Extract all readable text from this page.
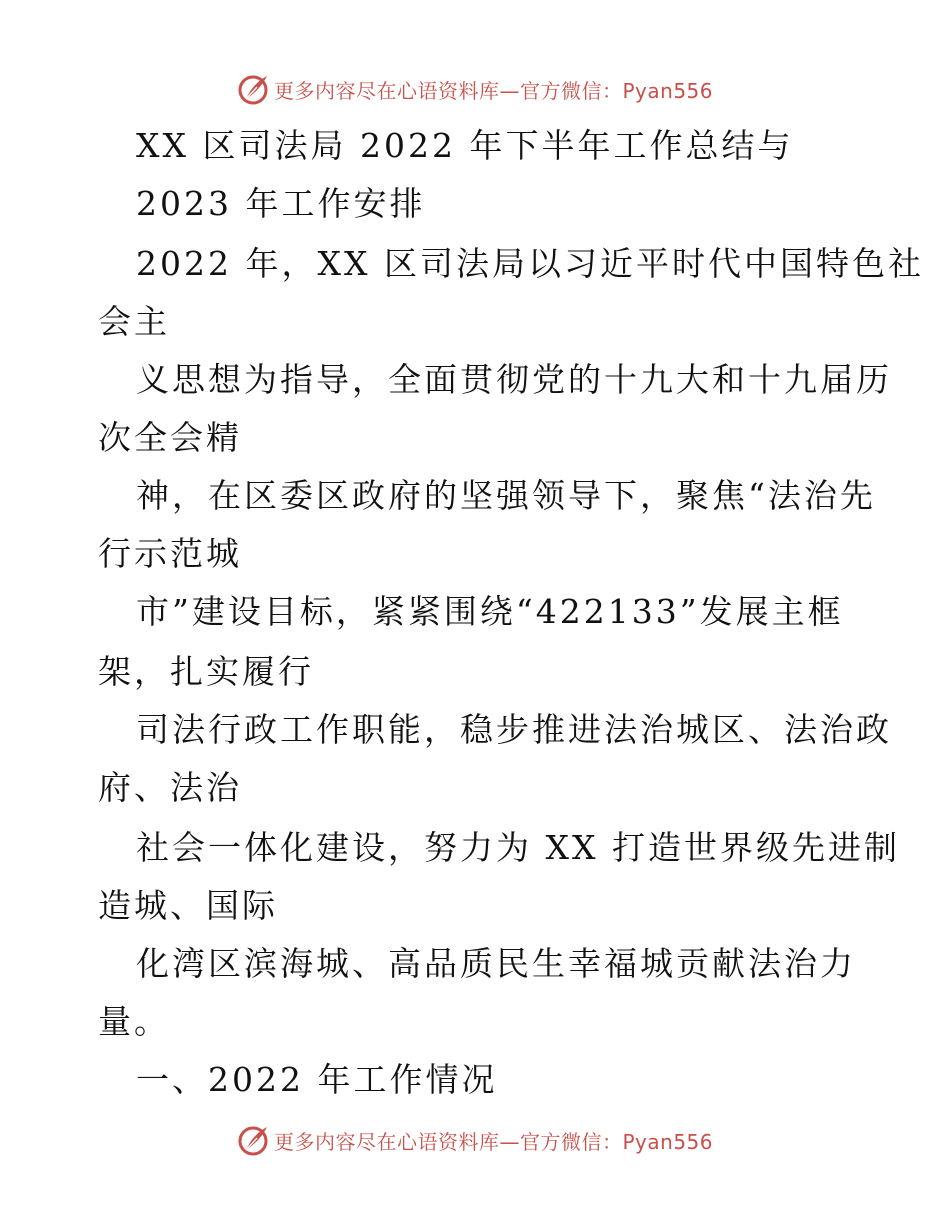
更多内容尽在心语资料库—官方微信：Pyan556
XX 区司法局 2022 年下半年工作总结与
2023 年工作安排
2022 年，XX 区司法局以习近平时代中国特色社
会主
义思想为指导，全面贯彻党的十九大和十九届历
次全会精
神，在区委区政府的坚强领导下，聚焦“法治先
行示范城
市”建设目标，紧紧围绕“422133”发展主框
架，扎实履行
司法行政工作职能，稳步推进法治城区、法治政
府、法治
社会一体化建设，努力为 XX 打造世界级先进制
造城、国际
化湾区滨海城、高品质民生幸福城贡献法治力
量。
一、2022 年工作情况
更多内容尽在心语资料库—官方微信：Pyan556
